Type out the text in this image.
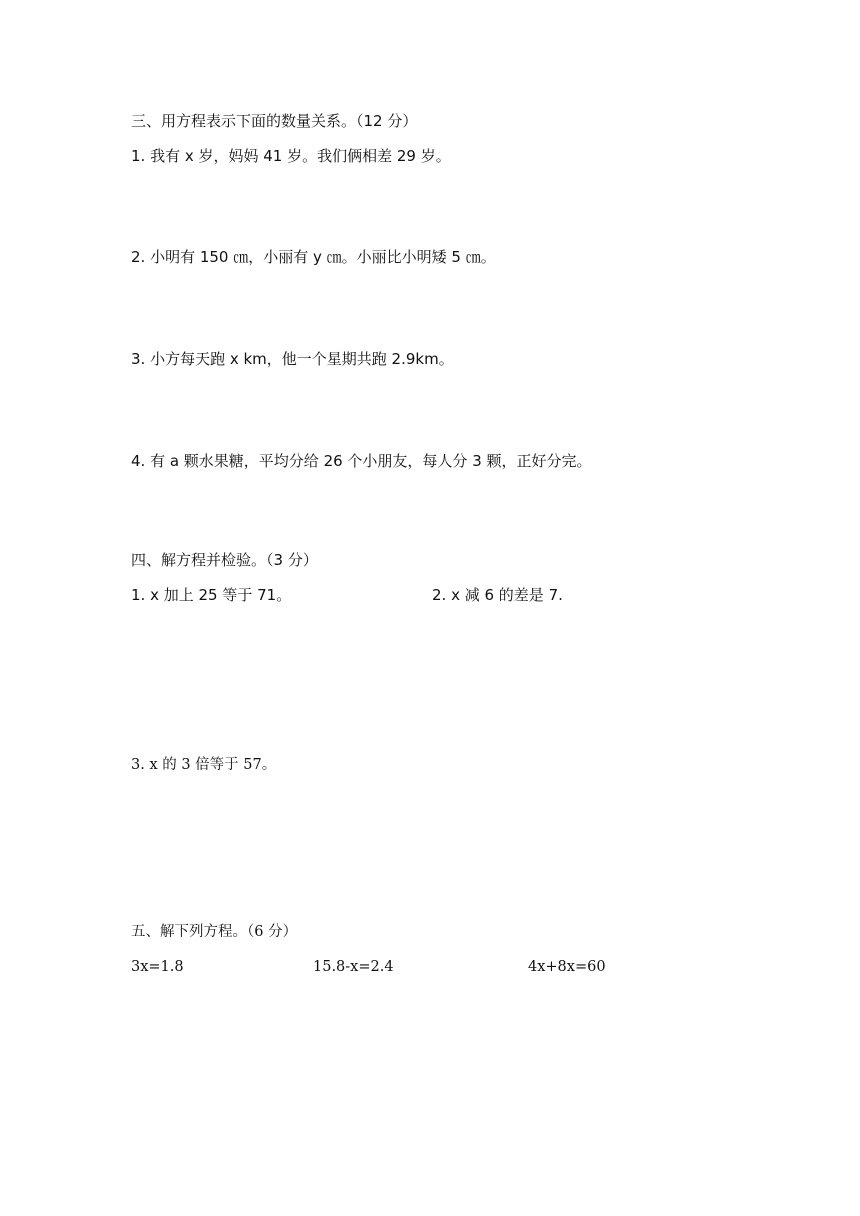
三、用方程表示下面的数量关系。（12 分）
1. 我有 x 岁，妈妈 41 岁。我们俩相差 29 岁。
2. 小明有 150 ㎝，小丽有 y ㎝。小丽比小明矮 5 ㎝。
3. 小方每天跑 x km，他一个星期共跑 2.9km。
4. 有 a 颗水果糖，平均分给 26 个小朋友，每人分 3 颗，正好分完。
四、解方程并检验。（3 分）
1. x 加上 25 等于 71。	2. x 减 6 的差是 7.
3. x 的 3 倍等于 57。
五、解下列方程。（6 分）
3x=1.8	15.8-x=2.4	4x+8x=60
